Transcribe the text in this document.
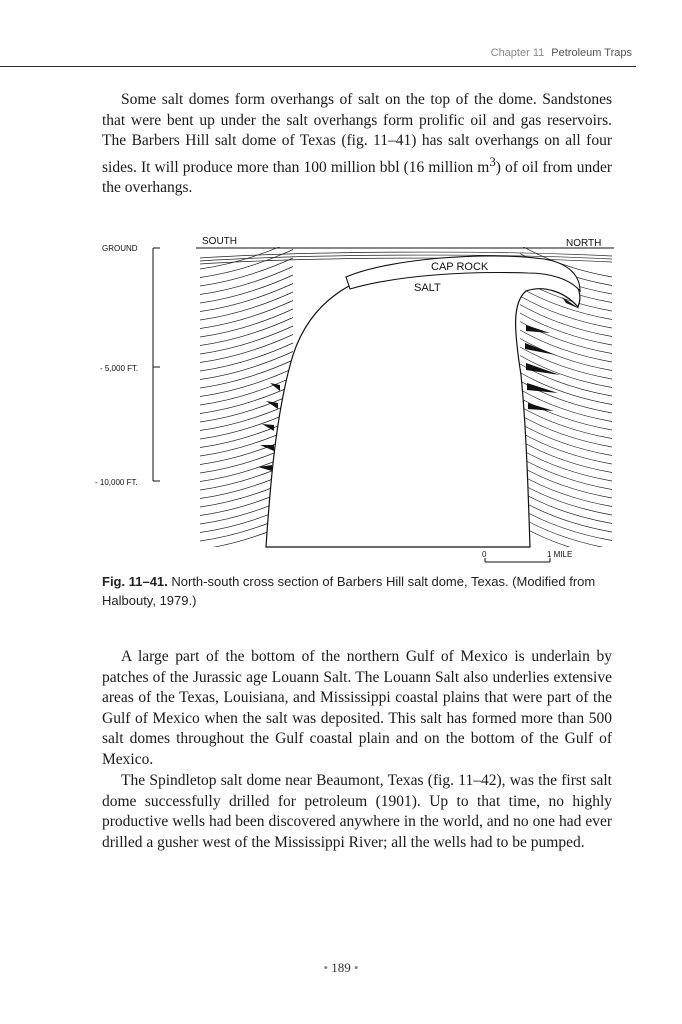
Chapter 11 Petroleum Traps

Some salt domes form overhangs of salt on the top of the dome. Sandstones that were bent up under the salt overhangs form prolific oil and gas reservoirs. The Barbers Hill salt dome of Texas (fig. 11–41) has salt overhangs on all four sides. It will produce more than 100 million bbl (16 million $m^3$) of oil from under the overhangs.

GROUND
- 5,000 FT.
- 10,000 FT.
SOUTH	NORTH
CAP ROCK
SALT
0	1 MILE

Fig. 11–41. North-south cross section of Barbers Hill salt dome, Texas. (Modified from Halbouty, 1979.)

A large part of the bottom of the northern Gulf of Mexico is underlain by patches of the Jurassic age Louann Salt. The Louann Salt also underlies extensive areas of the Texas, Louisiana, and Mississippi coastal plains that were part of the Gulf of Mexico when the salt was deposited. This salt has formed more than 500 salt domes throughout the Gulf coastal plain and on the bottom of the Gulf of Mexico.

The Spindletop salt dome near Beaumont, Texas (fig. 11–42), was the first salt dome successfully drilled for petroleum (1901). Up to that time, no highly productive wells had been discovered anywhere in the world, and no one had ever drilled a gusher west of the Mississippi River; all the wells had to be pumped.

• 189 •
